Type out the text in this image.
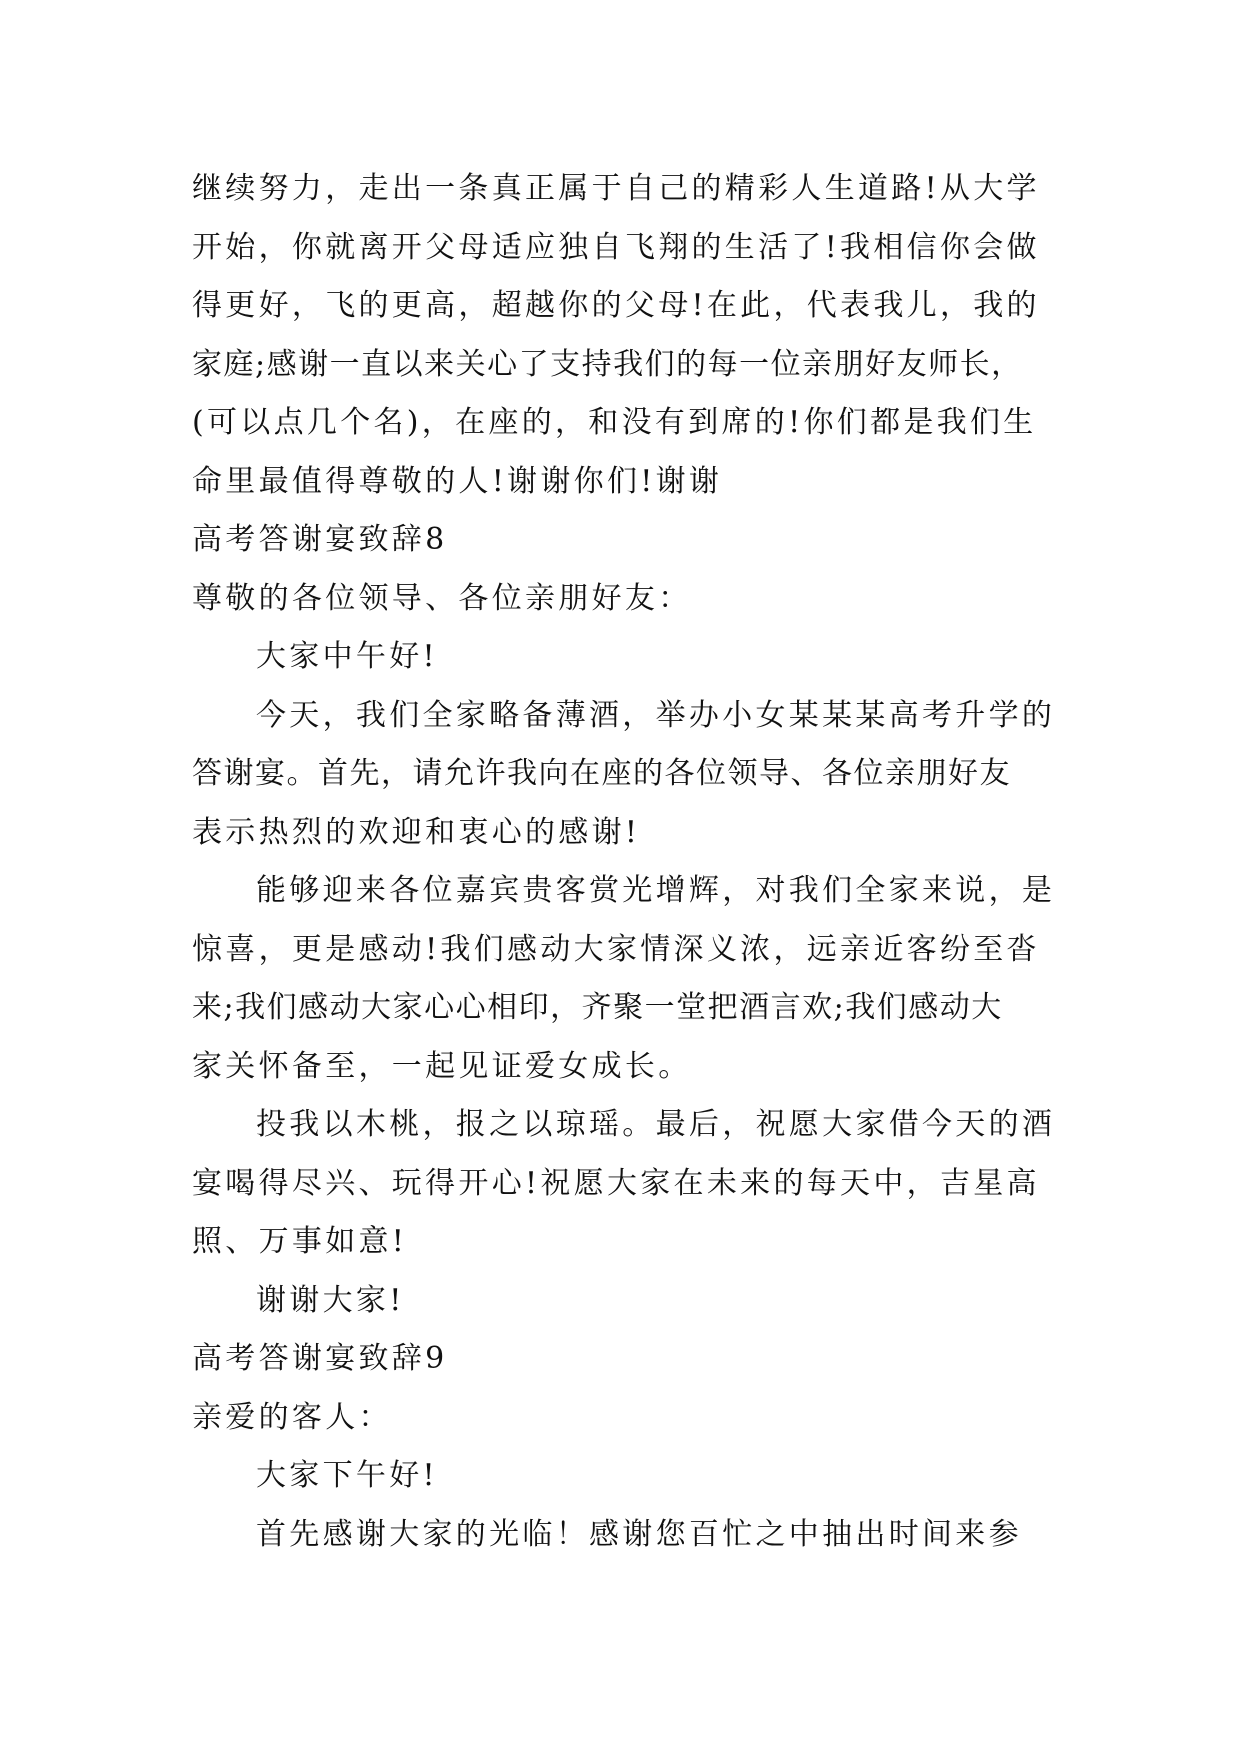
继续努力，走出一条真正属于自己的精彩人生道路!从大学
开始，你就离开父母适应独自飞翔的生活了!我相信你会做
得更好，飞的更高，超越你的父母!在此，代表我儿，我的
家庭;感谢一直以来关心了支持我们的每一位亲朋好友师长，
(可以点几个名)，在座的，和没有到席的!你们都是我们生
命里最值得尊敬的人!谢谢你们!谢谢
高考答谢宴致辞8
尊敬的各位领导、各位亲朋好友：
大家中午好!
今天，我们全家略备薄酒，举办小女某某某高考升学的
答谢宴。首先，请允许我向在座的各位领导、各位亲朋好友
表示热烈的欢迎和衷心的感谢!
能够迎来各位嘉宾贵客赏光增辉，对我们全家来说，是
惊喜，更是感动!我们感动大家情深义浓，远亲近客纷至沓
来;我们感动大家心心相印，齐聚一堂把酒言欢;我们感动大
家关怀备至，一起见证爱女成长。
投我以木桃，报之以琼瑶。最后，祝愿大家借今天的酒
宴喝得尽兴、玩得开心!祝愿大家在未来的每天中，吉星高
照、万事如意!
谢谢大家!
高考答谢宴致辞9
亲爱的客人：
大家下午好!
首先感谢大家的光临！感谢您百忙之中抽出时间来参
